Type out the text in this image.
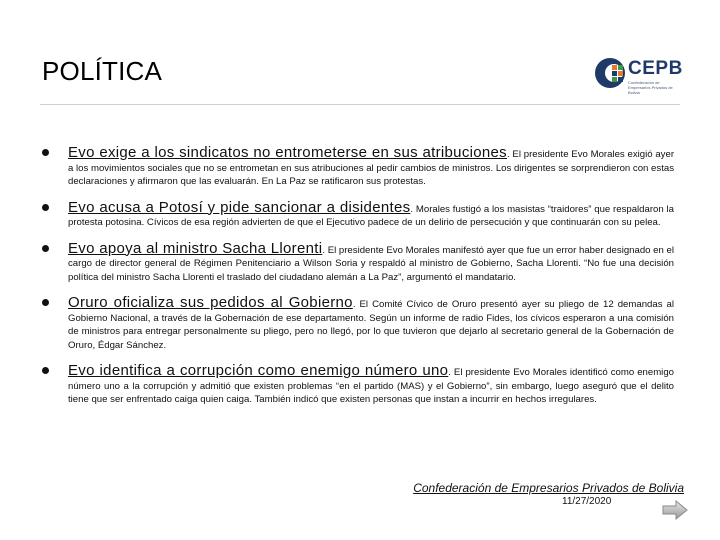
POLÍTICA	CEPB
Confederación de Empresarios Privados de Bolivia
Evo exige a los sindicatos no entrometerse en sus atribuciones. El presidente Evo Morales exigió ayer a los movimientos sociales que no se entrometan en sus atribuciones al pedir cambios de ministros. Los dirigentes se sorprendieron con estas declaraciones y afirmaron que las evaluarán. En La Paz se ratificaron sus protestas.
Evo acusa a Potosí y pide sancionar a disidentes. Morales fustigó a los masistas “traidores” que respaldaron la protesta potosina. Cívicos de esa región advierten de que el Ejecutivo padece de un delirio de persecución y que continuarán con su pelea.
Evo apoya al ministro Sacha Llorenti. El presidente Evo Morales manifestó ayer que fue un error haber designado en el cargo de director general de Régimen Penitenciario a Wilson Soria y respaldó al ministro de Gobierno, Sacha Llorenti. “No fue una decisión política del ministro Sacha Llorenti el traslado del ciudadano alemán a La Paz”, argumentó el mandatario.
Oruro oficializa sus pedidos al Gobierno. El Comité Cívico de Oruro presentó ayer su pliego de 12 demandas al Gobierno Nacional, a través de la Gobernación de ese departamento. Según un informe de radio Fides, los cívicos esperaron a una comisión de ministros para entregar personalmente su pliego, pero no llegó, por lo que tuvieron que dejarlo al secretario general de la Gobernación de Oruro, Édgar Sánchez.
Evo identifica a corrupción como enemigo número uno. El presidente Evo Morales identificó como enemigo número uno a la corrupción y admitió que existen problemas “en el partido (MAS) y el Gobierno”, sin embargo, luego aseguró que el delito tiene que ser enfrentado caiga quien caiga. También indicó que existen personas que instan a incurrir en hechos irregulares.
Confederación de Empresarios Privados de Bolivia
11/27/2020
